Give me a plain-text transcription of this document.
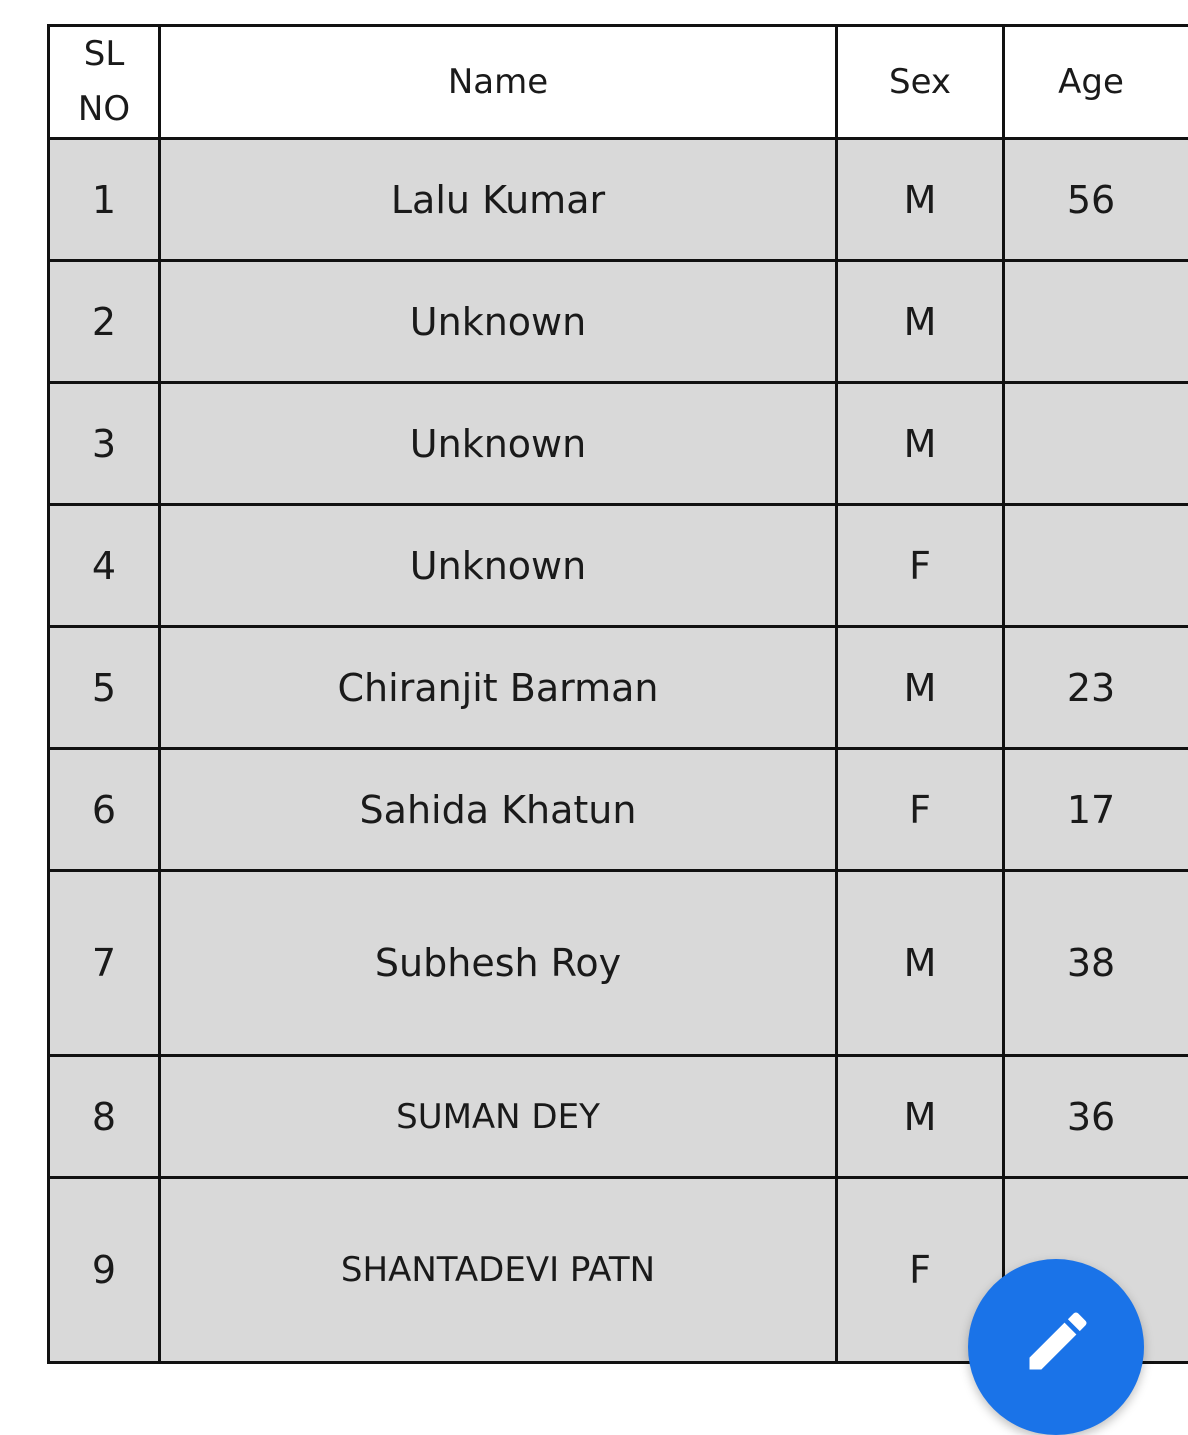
SL
NO	Name	Sex	Age
1	Lalu Kumar	M	56
2	Unknown	M	
3	Unknown	M	
4	Unknown	F	
5	Chiranjit Barman	M	23
6	Sahida Khatun	F	17
7	Subhesh Roy	M	38
8	SUMAN DEY	M	36
9	SHANTADEVI PATN	F	
